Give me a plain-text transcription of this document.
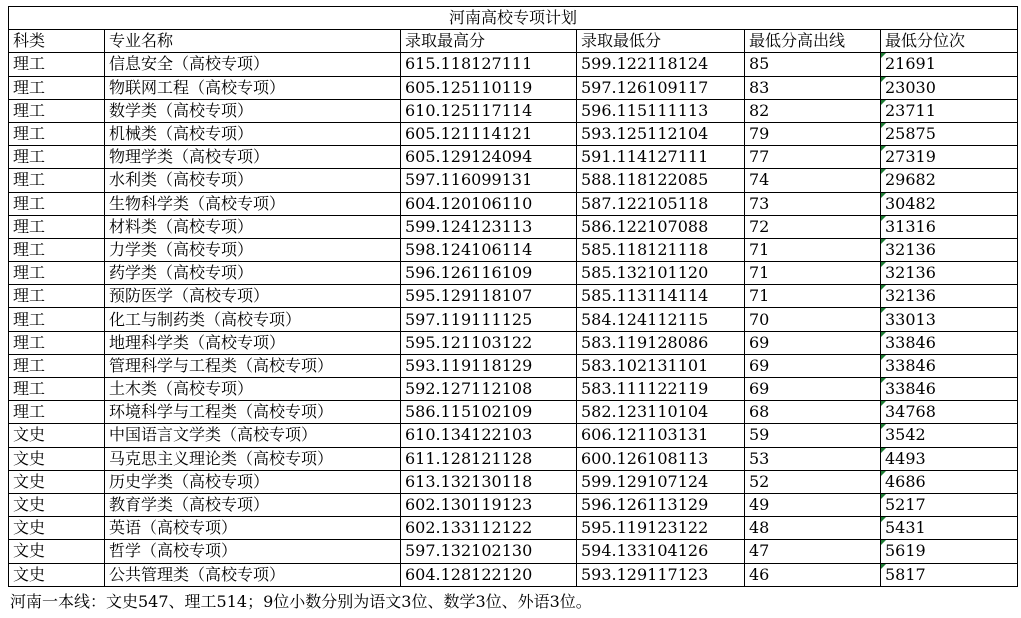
河南高校专项计划					
科类	专业名称	录取最高分	录取最低分	最低分高出线	最低分位次
理工	信息安全（高校专项）	615.118127111	599.122118124	85	21691
理工	物联网工程（高校专项）	605.125110119	597.126109117	83	23030
理工	数学类（高校专项）	610.125117114	596.115111113	82	23711
理工	机械类（高校专项）	605.121114121	593.125112104	79	25875
理工	物理学类（高校专项）	605.129124094	591.114127111	77	27319
理工	水利类（高校专项）	597.116099131	588.118122085	74	29682
理工	生物科学类（高校专项）	604.120106110	587.122105118	73	30482
理工	材料类（高校专项）	599.124123113	586.122107088	72	31316
理工	力学类（高校专项）	598.124106114	585.118121118	71	32136
理工	药学类（高校专项）	596.126116109	585.132101120	71	32136
理工	预防医学（高校专项）	595.129118107	585.113114114	71	32136
理工	化工与制药类（高校专项）	597.119111125	584.124112115	70	33013
理工	地理科学类（高校专项）	595.121103122	583.119128086	69	33846
理工	管理科学与工程类（高校专项）	593.119118129	583.102131101	69	33846
理工	土木类（高校专项）	592.127112108	583.111122119	69	33846
理工	环境科学与工程类（高校专项）	586.115102109	582.123110104	68	34768
文史	中国语言文学类（高校专项）	610.134122103	606.121103131	59	3542
文史	马克思主义理论类（高校专项）	611.128121128	600.126108113	53	4493
文史	历史学类（高校专项）	613.132130118	599.129107124	52	4686
文史	教育学类（高校专项）	602.130119123	596.126113129	49	5217
文史	英语（高校专项）	602.133112122	595.119123122	48	5431
文史	哲学（高校专项）	597.132102130	594.133104126	47	5619
文史	公共管理类（高校专项）	604.128122120	593.129117123	46	5817
河南一本线：文史547、理工514；9位小数分别为语文3位、数学3位、外语3位。
